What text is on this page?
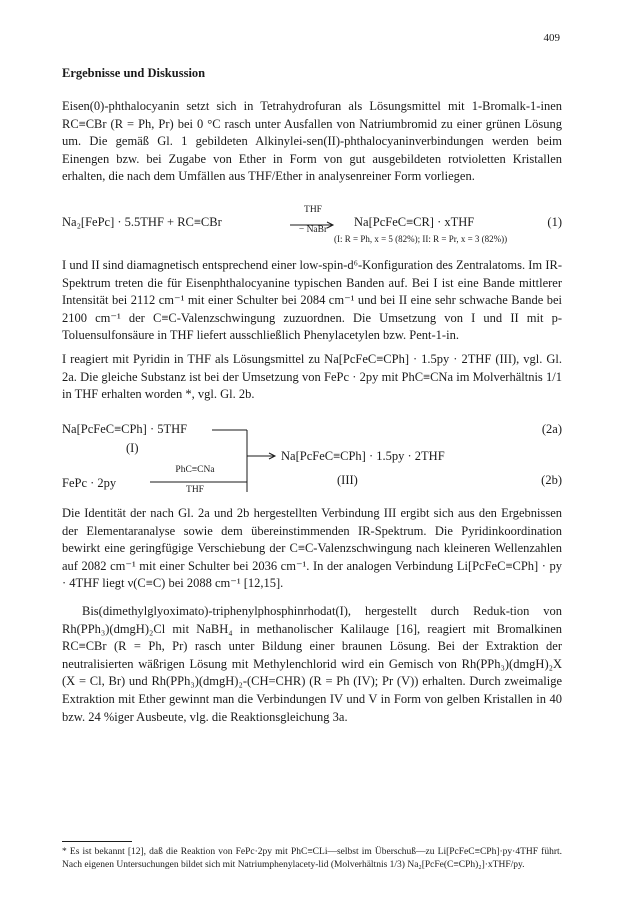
409
Ergebnisse und Diskussion
Eisen(0)-phthalocyanin setzt sich in Tetrahydrofuran als Lösungsmittel mit 1-Bromalk-1-inen RC≡CBr (R = Ph, Pr) bei 0 °C rasch unter Ausfallen von Natriumbromid zu einer grünen Lösung um. Die gemäß Gl. 1 gebildeten Alkinylei-sen(II)-phthalocyaninverbindungen werden beim Einengen bzw. bei Zugabe von Ether in Form von gut ausgebildeten rotvioletten Kristallen erhalten, die nach dem Umfällen aus THF/Ether in analysenreiner Form vorliegen.
Na₂[FePc] · 5.5THF + RC≡CBr
THF
− NaBr
Na[PcFeC≡CR] · xTHF	(1)
(I: R = Ph, x = 5 (82%); II: R = Pr, x = 3 (82%))
I und II sind diamagnetisch entsprechend einer low-spin-d⁶-Konfiguration des Zentralatoms. Im IR-Spektrum treten die für Eisenphthalocyanine typischen Banden auf. Bei I ist eine Bande mittlerer Intensität bei 2112 cm⁻¹ mit einer Schulter bei 2084 cm⁻¹ und bei II eine sehr schwache Bande bei 2100 cm⁻¹ der C≡C-Valenzschwingung zuzuordnen. Die Umsetzung von I und II mit p-Toluensulfonsäure in THF liefert ausschließlich Phenylacetylen bzw. Pent-1-in.
I reagiert mit Pyridin in THF als Lösungsmittel zu Na[PcFeC≡CPh] · 1.5py · 2THF (III), vgl. Gl. 2a. Die gleiche Substanz ist bei der Umsetzung von FePc · 2py mit PhC≡CNa im Molverhältnis 1/1 in THF erhalten worden *, vgl. Gl. 2b.
Na[PcFeC≡CPh] · 5THF
(I)
(2a)
Na[PcFeC≡CPh] · 1.5py · 2THF
(III)
FePc · 2py
PhC≡CNa
THF
(2b)
Die Identität der nach Gl. 2a und 2b hergestellten Verbindung III ergibt sich aus den Ergebnissen der Elementaranalyse sowie dem übereinstimmenden IR-Spektrum. Die Pyridinkoordination bewirkt eine geringfügige Verschiebung der C≡C-Valenzschwingung nach kleineren Wellenzahlen auf 2082 cm⁻¹ mit einer Schulter bei 2036 cm⁻¹. In der analogen Verbindung Li[PcFeC≡CPh] · py · 4THF liegt ν(C≡C) bei 2088 cm⁻¹ [12,15].
Bis(dimethylglyoximato)-triphenylphosphinrhodat(I), hergestellt durch Reduk-tion von Rh(PPh₃)(dmgH)₂Cl mit NaBH₄ in methanolischer Kalilauge [16], reagiert mit Bromalkinen RC≡CBr (R = Ph, Pr) rasch unter Bildung einer braunen Lösung. Bei der Extraktion der neutralisierten wäßrigen Lösung mit Methylenchlorid wird ein Gemisch von Rh(PPh₃)(dmgH)₂X (X = Cl, Br) und Rh(PPh₃)(dmgH)₂-(CH=CHR) (R = Ph (IV); Pr (V)) erhalten. Durch zweimalige Extraktion mit Ether gewinnt man die Verbindungen IV und V in Form von gelben Kristallen in 40 bzw. 24 %iger Ausbeute, vlg. die Reaktionsgleichung 3a.
* Es ist bekannt [12], daß die Reaktion von FePc·2py mit PhC≡CLi—selbst im Überschuß—zu Li[PcFeC≡CPh]·py·4THF führt. Nach eigenen Untersuchungen bildet sich mit Natriumphenylacety-lid (Molverhältnis 1/3) Na₂[PcFe(C≡CPh)₂]·xTHF/py.
